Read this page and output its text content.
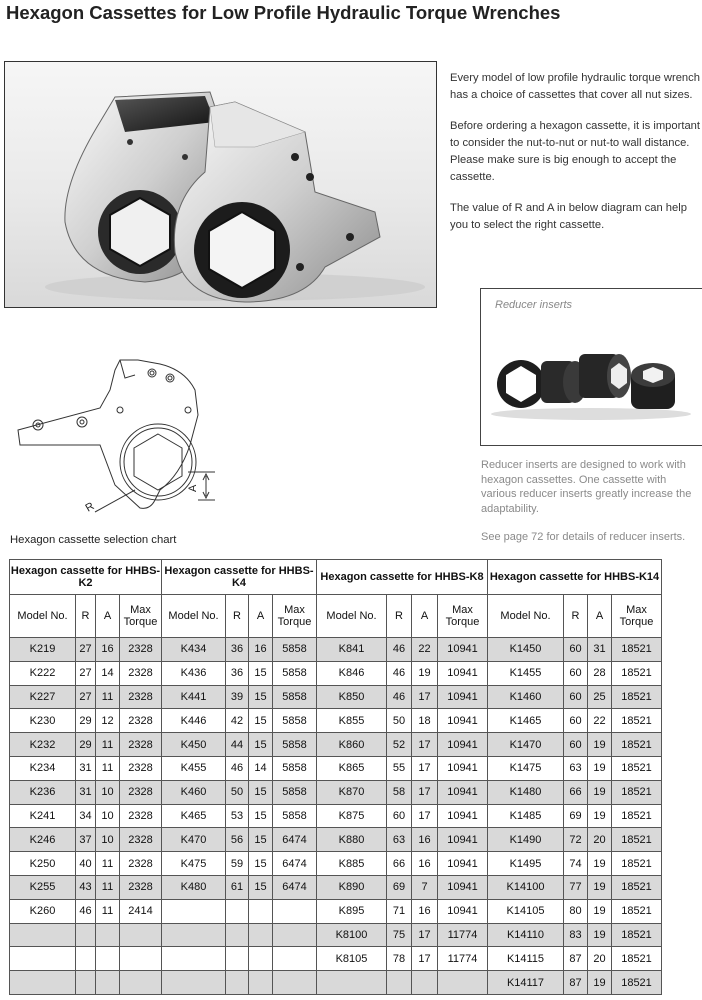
Hexagon Cassettes for Low Profile Hydraulic Torque Wrenches

Every model of low profile hydraulic torque wrench has a choice of cassettes that cover all nut sizes.

Before ordering a hexagon cassette, it is important to consider the nut-to-nut or nut-to wall distance. Please make sure is big enough to accept the cassette.

The value of R and A in below diagram can help you to select the right cassette.

Reducer inserts

Reducer inserts are designed to work with hexagon cassettes. One cassette with various reducer inserts greatly increase the adaptability.

See page 72 for details of reducer inserts.

R
A
Hexagon cassette selection chart
Hexagon cassette for HHBS-K2				Hexagon cassette for HHBS-K4				Hexagon cassette for HHBS-K8				Hexagon cassette for HHBS-K14			
Model No.	R	A	Max Torque	Model No.	R	A	Max Torque	Model No.	R	A	Max Torque	Model No.	R	A	Max Torque
K219	27	16	2328	K434	36	16	5858	K841	46	22	10941	K1450	60	31	18521
K222	27	14	2328	K436	36	15	5858	K846	46	19	10941	K1455	60	28	18521
K227	27	11	2328	K441	39	15	5858	K850	46	17	10941	K1460	60	25	18521
K230	29	12	2328	K446	42	15	5858	K855	50	18	10941	K1465	60	22	18521
K232	29	11	2328	K450	44	15	5858	K860	52	17	10941	K1470	60	19	18521
K234	31	11	2328	K455	46	14	5858	K865	55	17	10941	K1475	63	19	18521
K236	31	10	2328	K460	50	15	5858	K870	58	17	10941	K1480	66	19	18521
K241	34	10	2328	K465	53	15	5858	K875	60	17	10941	K1485	69	19	18521
K246	37	10	2328	K470	56	15	6474	K880	63	16	10941	K1490	72	20	18521
K250	40	11	2328	K475	59	15	6474	K885	66	16	10941	K1495	74	19	18521
K255	43	11	2328	K480	61	15	6474	K890	69	7	10941	K14100	77	19	18521
K260	46	11	2414					K895	71	16	10941	K14105	80	19	18521
								K8100	75	17	11774	K14110	83	19	18521
								K8105	78	17	11774	K14115	87	20	18521
												K14117	87	19	18521
